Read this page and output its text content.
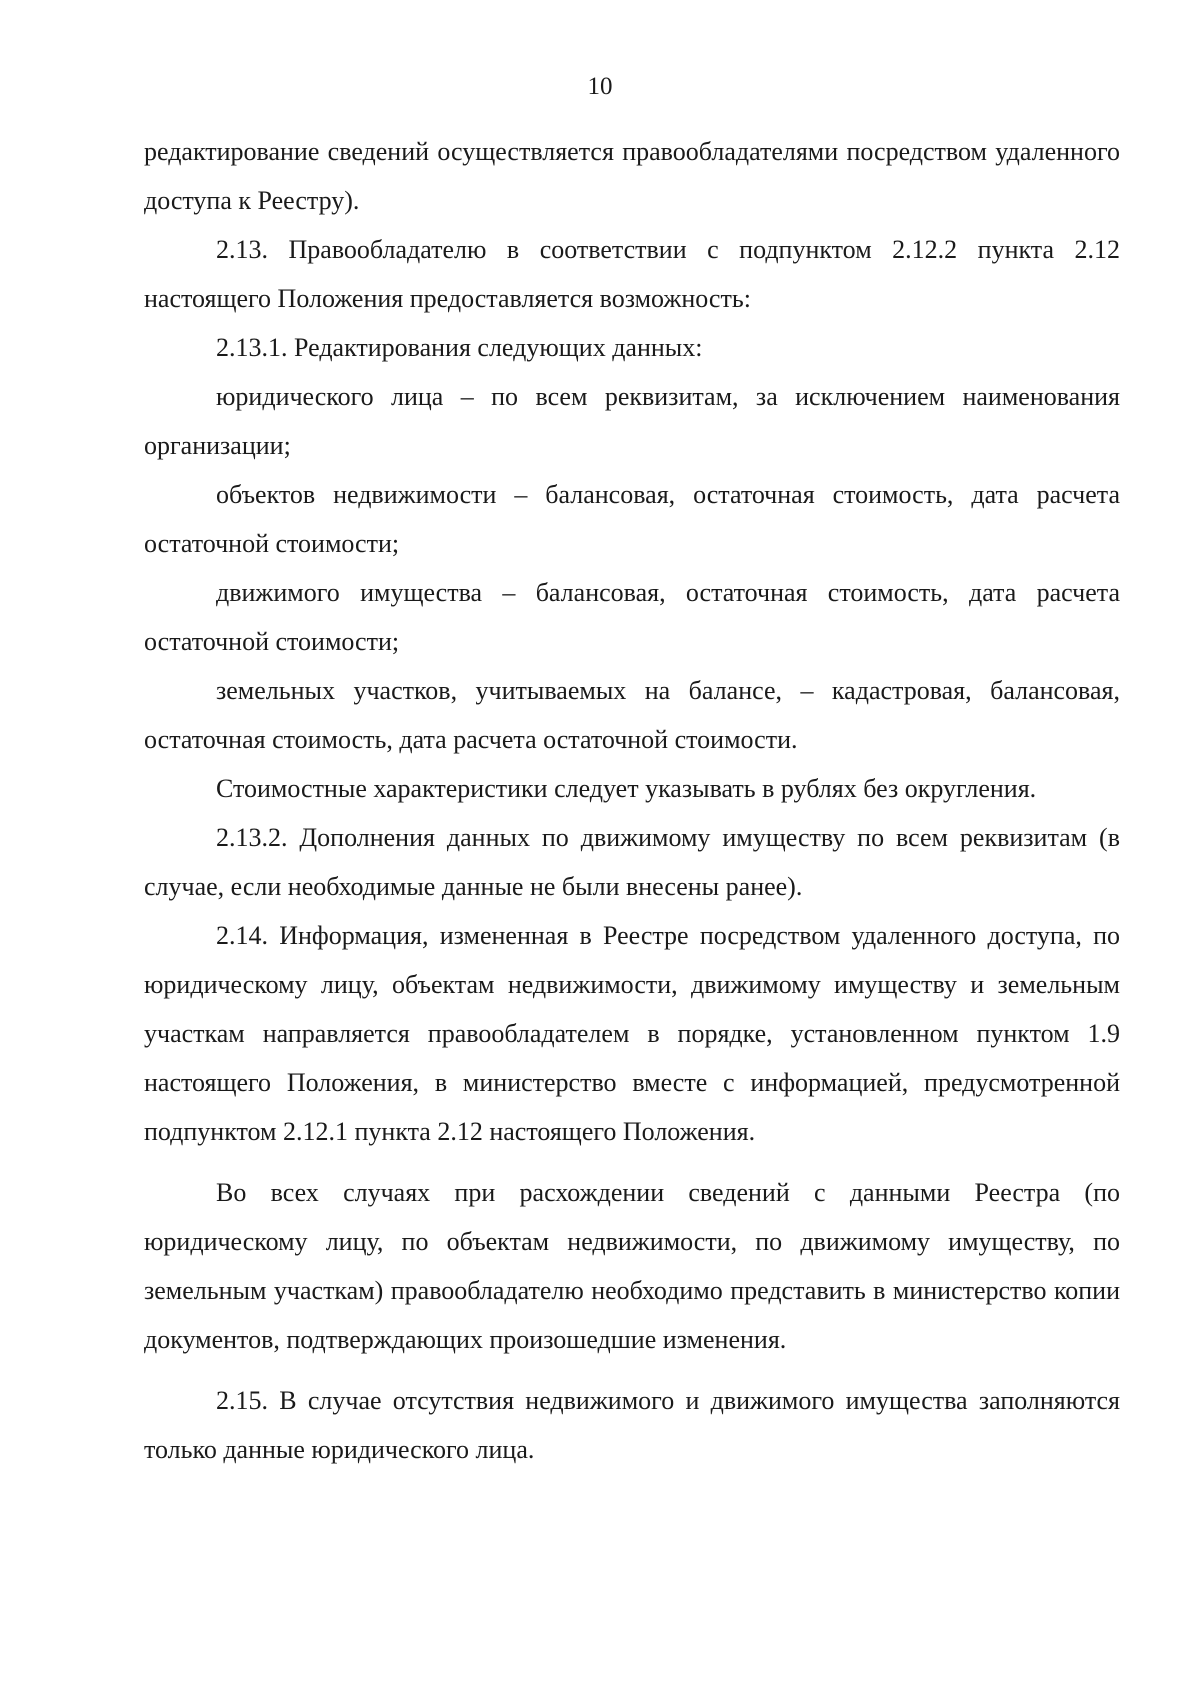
10

редактирование сведений осуществляется правообладателями посредством удаленного доступа к Реестру).

2.13. Правообладателю в соответствии с подпунктом 2.12.2 пункта 2.12 настоящего Положения предоставляется возможность:

2.13.1. Редактирования следующих данных:

юридического лица – по всем реквизитам, за исключением наименования организации;

объектов недвижимости – балансовая, остаточная стоимость, дата расчета остаточной стоимости;

движимого имущества – балансовая, остаточная стоимость, дата расчета остаточной стоимости;

земельных участков, учитываемых на балансе, – кадастровая, балансовая, остаточная стоимость, дата расчета остаточной стоимости.

Стоимостные характеристики следует указывать в рублях без округления.

2.13.2. Дополнения данных по движимому имуществу по всем реквизитам (в случае, если необходимые данные не были внесены ранее).

2.14. Информация, измененная в Реестре посредством удаленного доступа, по юридическому лицу, объектам недвижимости, движимому имуществу и земельным участкам направляется правообладателем в порядке, установленном пунктом 1.9 настоящего Положения, в министерство вместе с информацией, предусмотренной подпунктом 2.12.1 пункта 2.12 настоящего Положения.

Во всех случаях при расхождении сведений с данными Реестра (по юридическому лицу, по объектам недвижимости, по движимому имуществу, по земельным участкам) правообладателю необходимо представить в министерство копии документов, подтверждающих произошедшие изменения.

2.15. В случае отсутствия недвижимого и движимого имущества заполняются только данные юридического лица.
